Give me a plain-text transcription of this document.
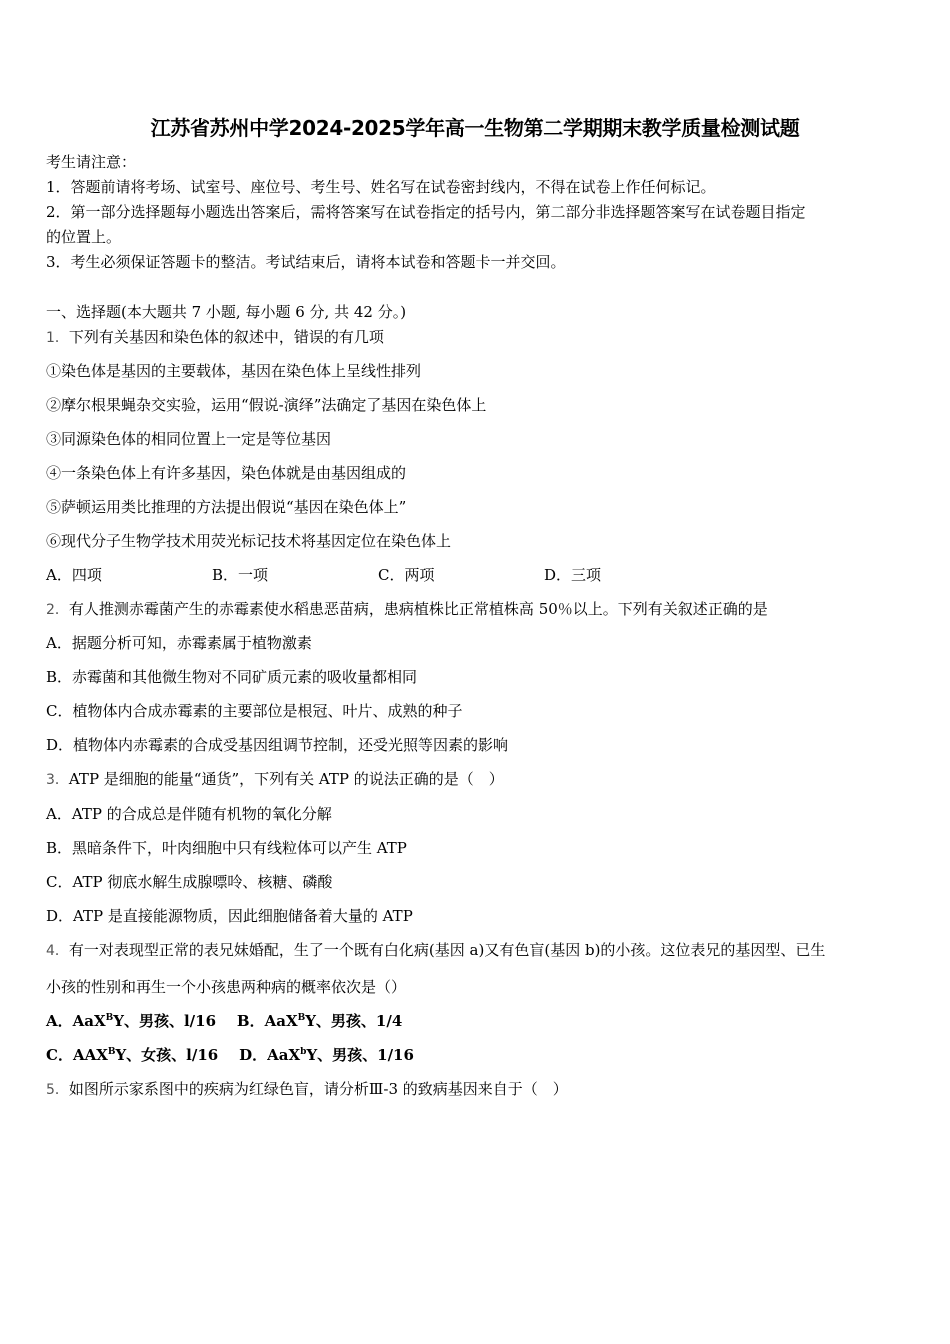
江苏省苏州中学2024-2025学年高一生物第二学期期末教学质量检测试题
考生请注意：
1．答题前请将考场、试室号、座位号、考生号、姓名写在试卷密封线内，不得在试卷上作任何标记。
2．第一部分选择题每小题选出答案后，需将答案写在试卷指定的括号内，第二部分非选择题答案写在试卷题目指定
的位置上。
3．考生必须保证答题卡的整洁。考试结束后，请将本试卷和答题卡一并交回。
一、选择题(本大题共 7 小题, 每小题 6 分, 共 42 分。)
1．下列有关基因和染色体的叙述中，错误的有几项
①染色体是基因的主要载体，基因在染色体上呈线性排列
②摩尔根果蝇杂交实验，运用“假说-演绎”法确定了基因在染色体上
③同源染色体的相同位置上一定是等位基因
④一条染色体上有许多基因，染色体就是由基因组成的
⑤萨顿运用类比推理的方法提出假说“基因在染色体上”
⑥现代分子生物学技术用荧光标记技术将基因定位在染色体上
A．四项	B．一项	C．两项	D．三项
2．有人推测赤霉菌产生的赤霉素使水稻患恶苗病，患病植株比正常植株高 50％以上。下列有关叙述正确的是
A．据题分析可知，赤霉素属于植物激素
B．赤霉菌和其他微生物对不同矿质元素的吸收量都相同
C．植物体内合成赤霉素的主要部位是根冠、叶片、成熟的种子
D．植物体内赤霉素的合成受基因组调节控制，还受光照等因素的影响
3．ATP 是细胞的能量“通货”，下列有关 ATP 的说法正确的是（　）
A．ATP 的合成总是伴随有机物的氧化分解
B．黑暗条件下，叶肉细胞中只有线粒体可以产生 ATP
C．ATP 彻底水解生成腺嘌呤、核糖、磷酸
D．ATP 是直接能源物质，因此细胞储备着大量的 ATP
4．有一对表现型正常的表兄妹婚配，生了一个既有白化病(基因 a)又有色盲(基因 b)的小孩。这位表兄的基因型、已生
小孩的性别和再生一个小孩患两种病的概率依次是（）
A．AaX$^B$Y、男孩、l/16 B．AaX$^B$Y、男孩、1/4
C．$AAX^BY$、女孩、l/16 D．AaX$^b$Y、男孩、1/16
5．如图所示家系图中的疾病为红绿色盲，请分析Ⅲ-3 的致病基因来自于（　）
